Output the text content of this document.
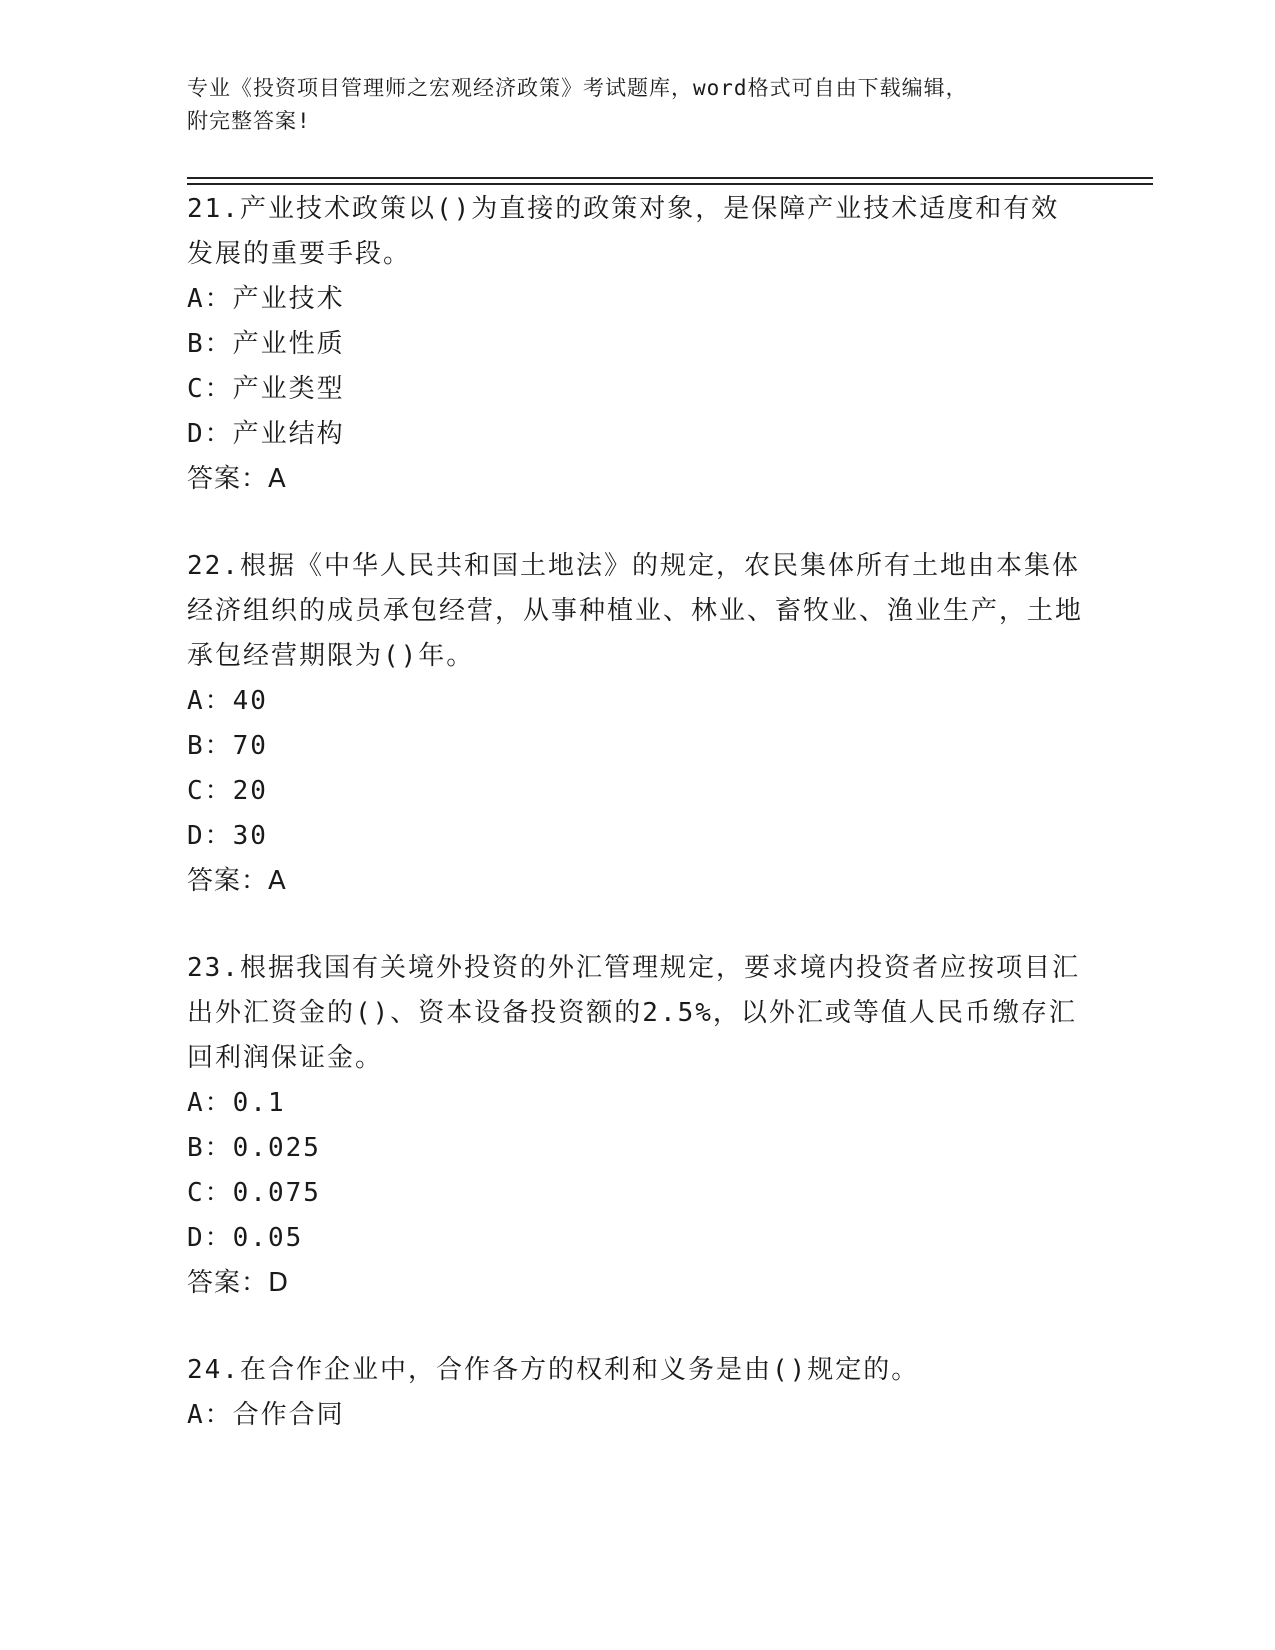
专业《投资项目管理师之宏观经济政策》考试题库，word格式可自由下载编辑，
附完整答案!
21.产业技术政策以()为直接的政策对象，是保障产业技术适度和有效发展的重要手段。
A：产业技术
B：产业性质
C：产业类型
D：产业结构
答案：A
22.根据《中华人民共和国土地法》的规定，农民集体所有土地由本集体经济组织的成员承包经营，从事种植业、林业、畜牧业、渔业生产，土地承包经营期限为()年。
A：40
B：70
C：20
D：30
答案：A
23.根据我国有关境外投资的外汇管理规定，要求境内投资者应按项目汇出外汇资金的()、资本设备投资额的2.5%，以外汇或等值人民币缴存汇回利润保证金。
A：0.1
B：0.025
C：0.075
D：0.05
答案：D
24.在合作企业中，合作各方的权利和义务是由()规定的。
A：合作合同
